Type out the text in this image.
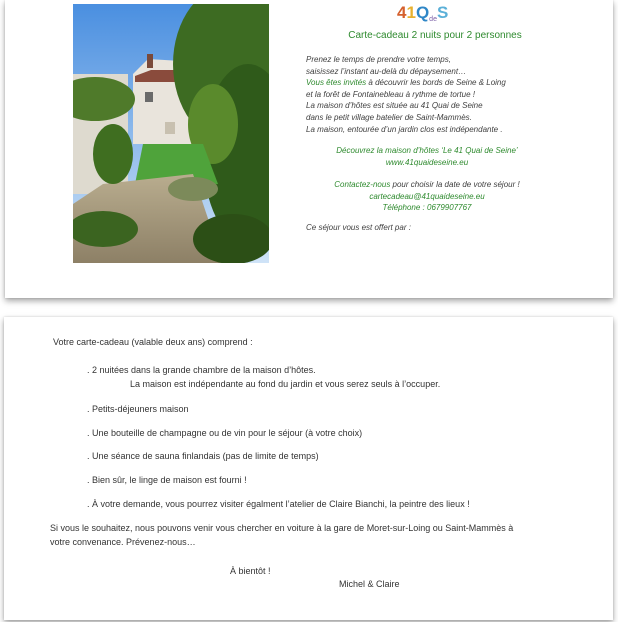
41QdeS
Carte-cadeau 2 nuits pour 2 personnes
Prenez le temps de prendre votre temps,
saisissez l’instant au-delà du dépaysement…
Vous êtes invités à découvrir les bords de Seine & Loing
et la forêt de Fontainebleau à rythme de tortue !
La maison d’hôtes est située au 41 Quai de Seine
dans le petit village batelier de Saint-Mammès.
La maison, entourée d’un jardin clos est indépendante .
Découvrez la maison d’hôtes ‘Le 41 Quai de Seine’
www.41quaideseine.eu
Contactez-nous pour choisir la date de votre séjour !
cartecadeau@41quaideseine.eu
Téléphone : 0679907767
Ce séjour vous est offert par :
Votre carte-cadeau (valable deux ans) comprend :
. 2 nuitées dans la grande chambre de la maison d’hôtes.
La maison est indépendante au fond du jardin et vous serez seuls à l’occuper.
. Petits-déjeuners maison
. Une bouteille de champagne ou de vin pour le séjour (à votre choix)
. Une séance de sauna finlandais (pas de limite de temps)
. Bien sûr, le linge de maison est fourni !
. À votre demande, vous pourrez visiter égalment l’atelier de Claire Bianchi, la peintre des lieux !
Si vous le souhaitez, nous pouvons venir vous chercher en voiture à la gare de Moret-sur-Loing ou Saint-Mammès à
votre convenance. Prévenez-nous…
À bientôt !
Michel & Claire
